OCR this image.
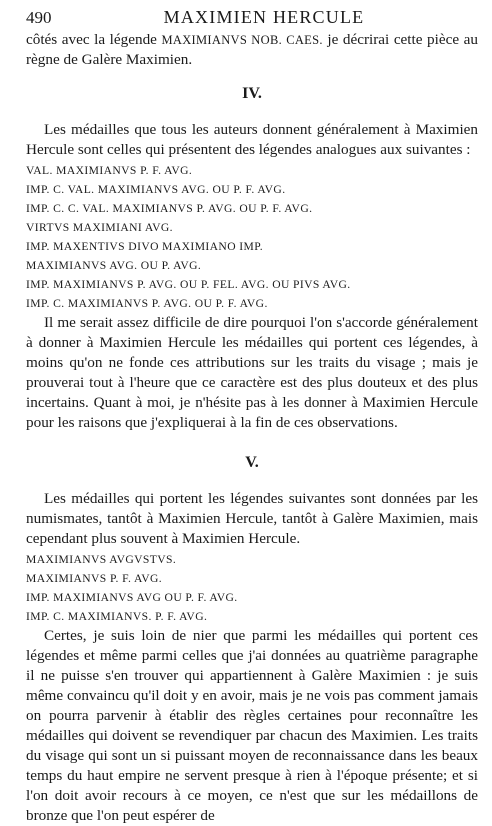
490	MAXIMIEN HERCULE

côtés avec la légende MAXIMIANVS NOB. CAES. je décrirai cette pièce au règne de Galère Maximien.

IV.

Les médailles que tous les auteurs donnent généralement à Maximien Hercule sont celles qui présentent des légendes analogues aux suivantes :

VAL. MAXIMIANVS P. F. AVG.
IMP. C. VAL. MAXIMIANVS AVG. OU P. F. AVG.
IMP. C. C. VAL. MAXIMIANVS P. AVG. OU P. F. AVG.
VIRTVS MAXIMIANI AVG.
IMP. MAXENTIVS DIVO MAXIMIANO IMP.
MAXIMIANVS AVG. OU P. AVG.
IMP. MAXIMIANVS P. AVG. OU P. FEL. AVG. OU PIVS AVG.
IMP. C. MAXIMIANVS P. AVG. OU P. F. AVG.

Il me serait assez difficile de dire pourquoi l'on s'accorde généralement à donner à Maximien Hercule les médailles qui portent ces légendes, à moins qu'on ne fonde ces attributions sur les traits du visage ; mais je prouverai tout à l'heure que ce caractère est des plus douteux et des plus incertains. Quant à moi, je n'hésite pas à les donner à Maximien Hercule pour les raisons que j'expliquerai à la fin de ces observations.

V.

Les médailles qui portent les légendes suivantes sont données par les numismates, tantôt à Maximien Hercule, tantôt à Galère Maximien, mais cependant plus souvent à Maximien Hercule.

MAXIMIANVS AVGVSTVS.
MAXIMIANVS P. F. AVG.
IMP. MAXIMIANVS AVG OU P. F. AVG.
IMP. C. MAXIMIANVS. P. F. AVG.

Certes, je suis loin de nier que parmi les médailles qui portent ces légendes et même parmi celles que j'ai données au quatrième paragraphe il ne puisse s'en trouver qui appartiennent à Galère Maximien : je suis même convaincu qu'il doit y en avoir, mais je ne vois pas comment jamais on pourra parvenir à établir des règles certaines pour reconnaître les médailles qui doivent se revendiquer par chacun des Maximien. Les traits du visage qui sont un si puissant moyen de reconnaissance dans les beaux temps du haut empire ne servent presque à rien à l'époque présente; et si l'on doit avoir recours à ce moyen, ce n'est que sur les médaillons de bronze que l'on peut espérer de
